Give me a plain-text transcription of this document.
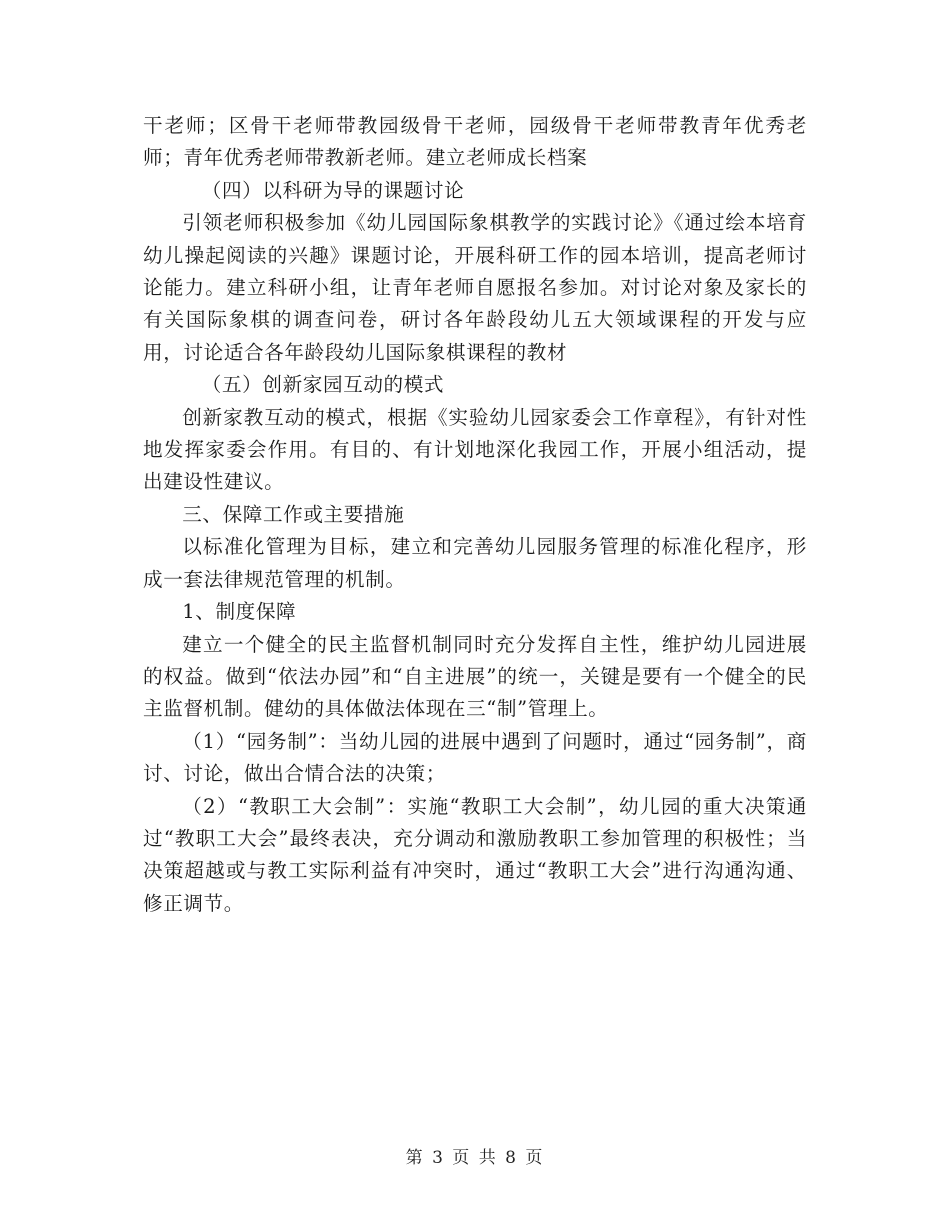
干老师；区骨干老师带教园级骨干老师，园级骨干老师带教青年优秀老师；青年优秀老师带教新老师。建立老师成长档案

（四）以科研为导的课题讨论

引领老师积极参加《幼儿园国际象棋教学的实践讨论》《通过绘本培育幼儿操起阅读的兴趣》课题讨论，开展科研工作的园本培训，提高老师讨论能力。建立科研小组，让青年老师自愿报名参加。对讨论对象及家长的有关国际象棋的调查问卷，研讨各年龄段幼儿五大领域课程的开发与应用，讨论适合各年龄段幼儿国际象棋课程的教材

（五）创新家园互动的模式

创新家教互动的模式，根据《实验幼儿园家委会工作章程》，有针对性地发挥家委会作用。有目的、有计划地深化我园工作，开展小组活动，提出建设性建议。

三、保障工作或主要措施

以标准化管理为目标，建立和完善幼儿园服务管理的标准化程序，形成一套法律规范管理的机制。

1、制度保障

建立一个健全的民主监督机制同时充分发挥自主性，维护幼儿园进展的权益。做到“依法办园”和“自主进展”的统一，关键是要有一个健全的民主监督机制。健幼的具体做法体现在三“制”管理上。

（1）“园务制”：当幼儿园的进展中遇到了问题时，通过“园务制”，商讨、讨论，做出合情合法的决策；

（2）“教职工大会制”：实施“教职工大会制”，幼儿园的重大决策通过“教职工大会”最终表决，充分调动和激励教职工参加管理的积极性；当决策超越或与教工实际利益有冲突时，通过“教职工大会”进行沟通沟通、修正调节。

第 3 页 共 8 页
